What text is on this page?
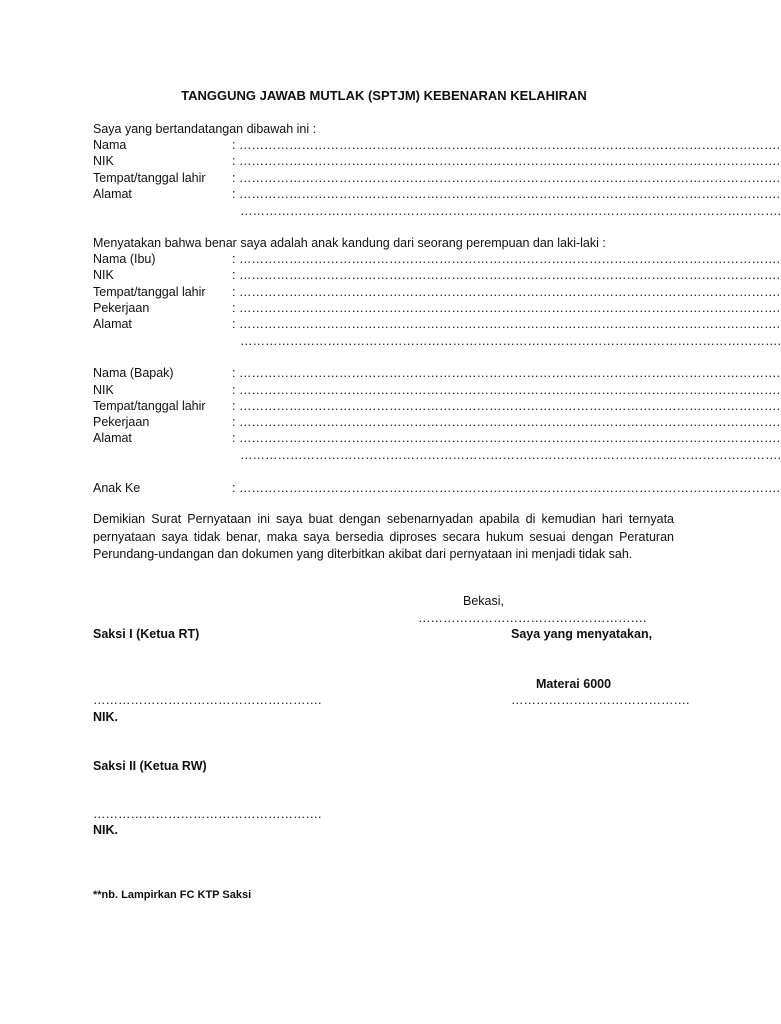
TANGGUNG JAWAB MUTLAK (SPTJM) KEBENARAN KELAHIRAN
Saya yang bertandatangan dibawah ini :
Nama	: ………………………………………………………………………………………………………………….
NIK	: ………………………………………………………………………………………………………………….
Tempat/tanggal lahir : ………………………………………………………………………………………………………………….
Alamat	: ………………………………………………………………………………………………………………….
………………………………………………………………………………………………………………….
Menyatakan bahwa benar saya adalah anak kandung dari seorang perempuan dan laki-laki :
Nama (Ibu)	: ………………………………………………………………………………………………………………….
NIK	: ………………………………………………………………………………………………………………….
Tempat/tanggal lahir : ………………………………………………………………………………………………………………….
Pekerjaan	: ………………………………………………………………………………………………………………….
Alamat	: ………………………………………………………………………………………………………………….
………………………………………………………………………………………………………………….
Nama (Bapak)	: ………………………………………………………………………………………………………………….
NIK	: ………………………………………………………………………………………………………………….
Tempat/tanggal lahir : ………………………………………………………………………………………………………………….
Pekerjaan	: ………………………………………………………………………………………………………………….
Alamat	: ………………………………………………………………………………………………………………….
………………………………………………………………………………………………………………….
Anak Ke	: ………………………………………………………………………………………………………………….
Demikian Surat Pernyataan ini saya buat dengan sebenarnyadan apabila di kemudian hari ternyata pernyataan saya tidak benar, maka saya bersedia diproses secara hukum sesuai dengan Peraturan Perundang-undangan dan dokumen yang diterbitkan akibat dari pernyataan ini menjadi tidak sah.
Bekasi,
……………………………………………….
Saksi I (Ketua RT)	Saya yang menyatakan,
Materai 6000
……………………………………………….	…………………………………….
NIK.
Saksi II (Ketua RW)
……………………………………………….
NIK.
**nb. Lampirkan FC KTP Saksi
